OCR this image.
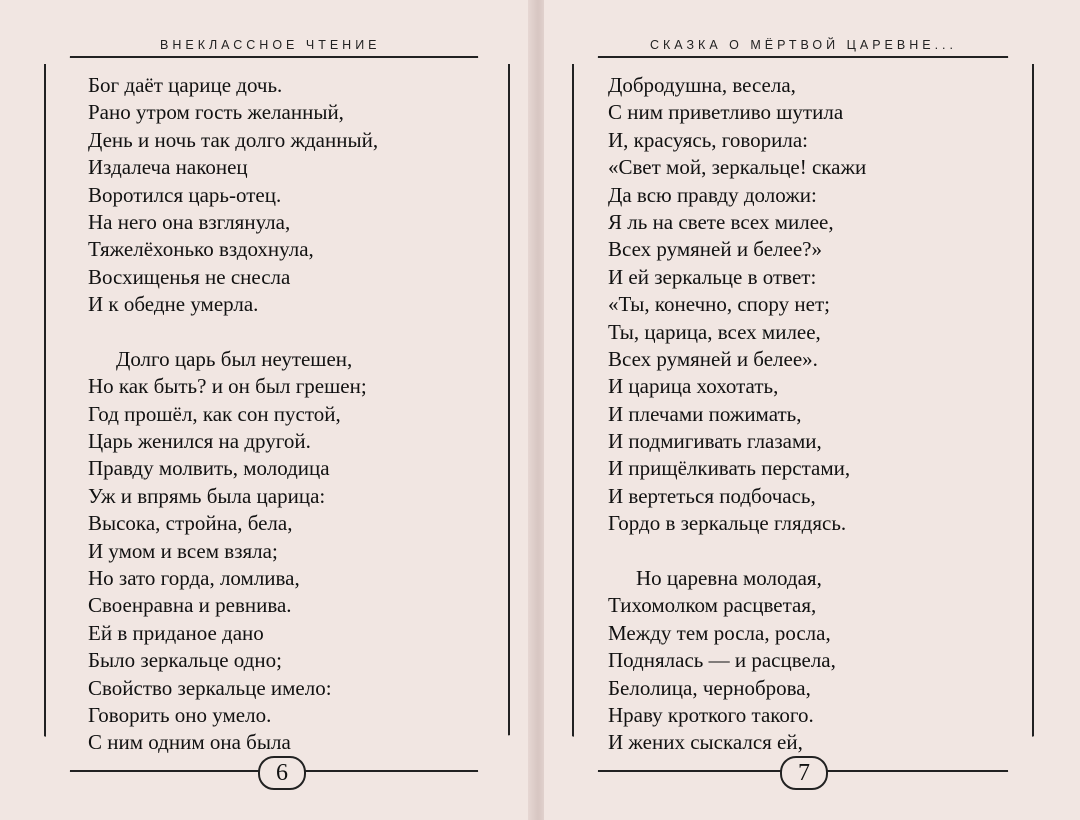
ВНЕКЛАССНОЕ ЧТЕНИЕ
6
Бог даёт царице дочь.
Рано утром гость желанный,
День и ночь так долго жданный,
Издалеча наконец
Воротился царь-отец.
На него она взглянула,
Тяжелёхонько вздохнула,
Восхищенья не снесла
И к обедне умерла.
Долго царь был неутешен,
Но как быть? и он был грешен;
Год прошёл, как сон пустой,
Царь женился на другой.
Правду молвить, молодица
Уж и впрямь была царица:
Высока, стройна, бела,
И умом и всем взяла;
Но зато горда, ломлива,
Своенравна и ревнива.
Ей в приданое дано
Было зеркальце одно;
Свойство зеркальце имело:
Говорить оно умело.
С ним одним она была
СКАЗКА О МЁРТВОЙ ЦАРЕВНЕ...
7
Добродушна, весела,
С ним приветливо шутила
И, красуясь, говорила:
«Свет мой, зеркальце! скажи
Да всю правду доложи:
Я ль на свете всех милее,
Всех румяней и белее?»
И ей зеркальце в ответ:
«Ты, конечно, спору нет;
Ты, царица, всех милее,
Всех румяней и белее».
И царица хохотать,
И плечами пожимать,
И подмигивать глазами,
И прищёлкивать перстами,
И вертеться подбочась,
Гордо в зеркальце глядясь.
Но царевна молодая,
Тихомолком расцветая,
Между тем росла, росла,
Поднялась — и расцвела,
Белолица, черноброва,
Нраву кроткого такого.
И жених сыскался ей,
